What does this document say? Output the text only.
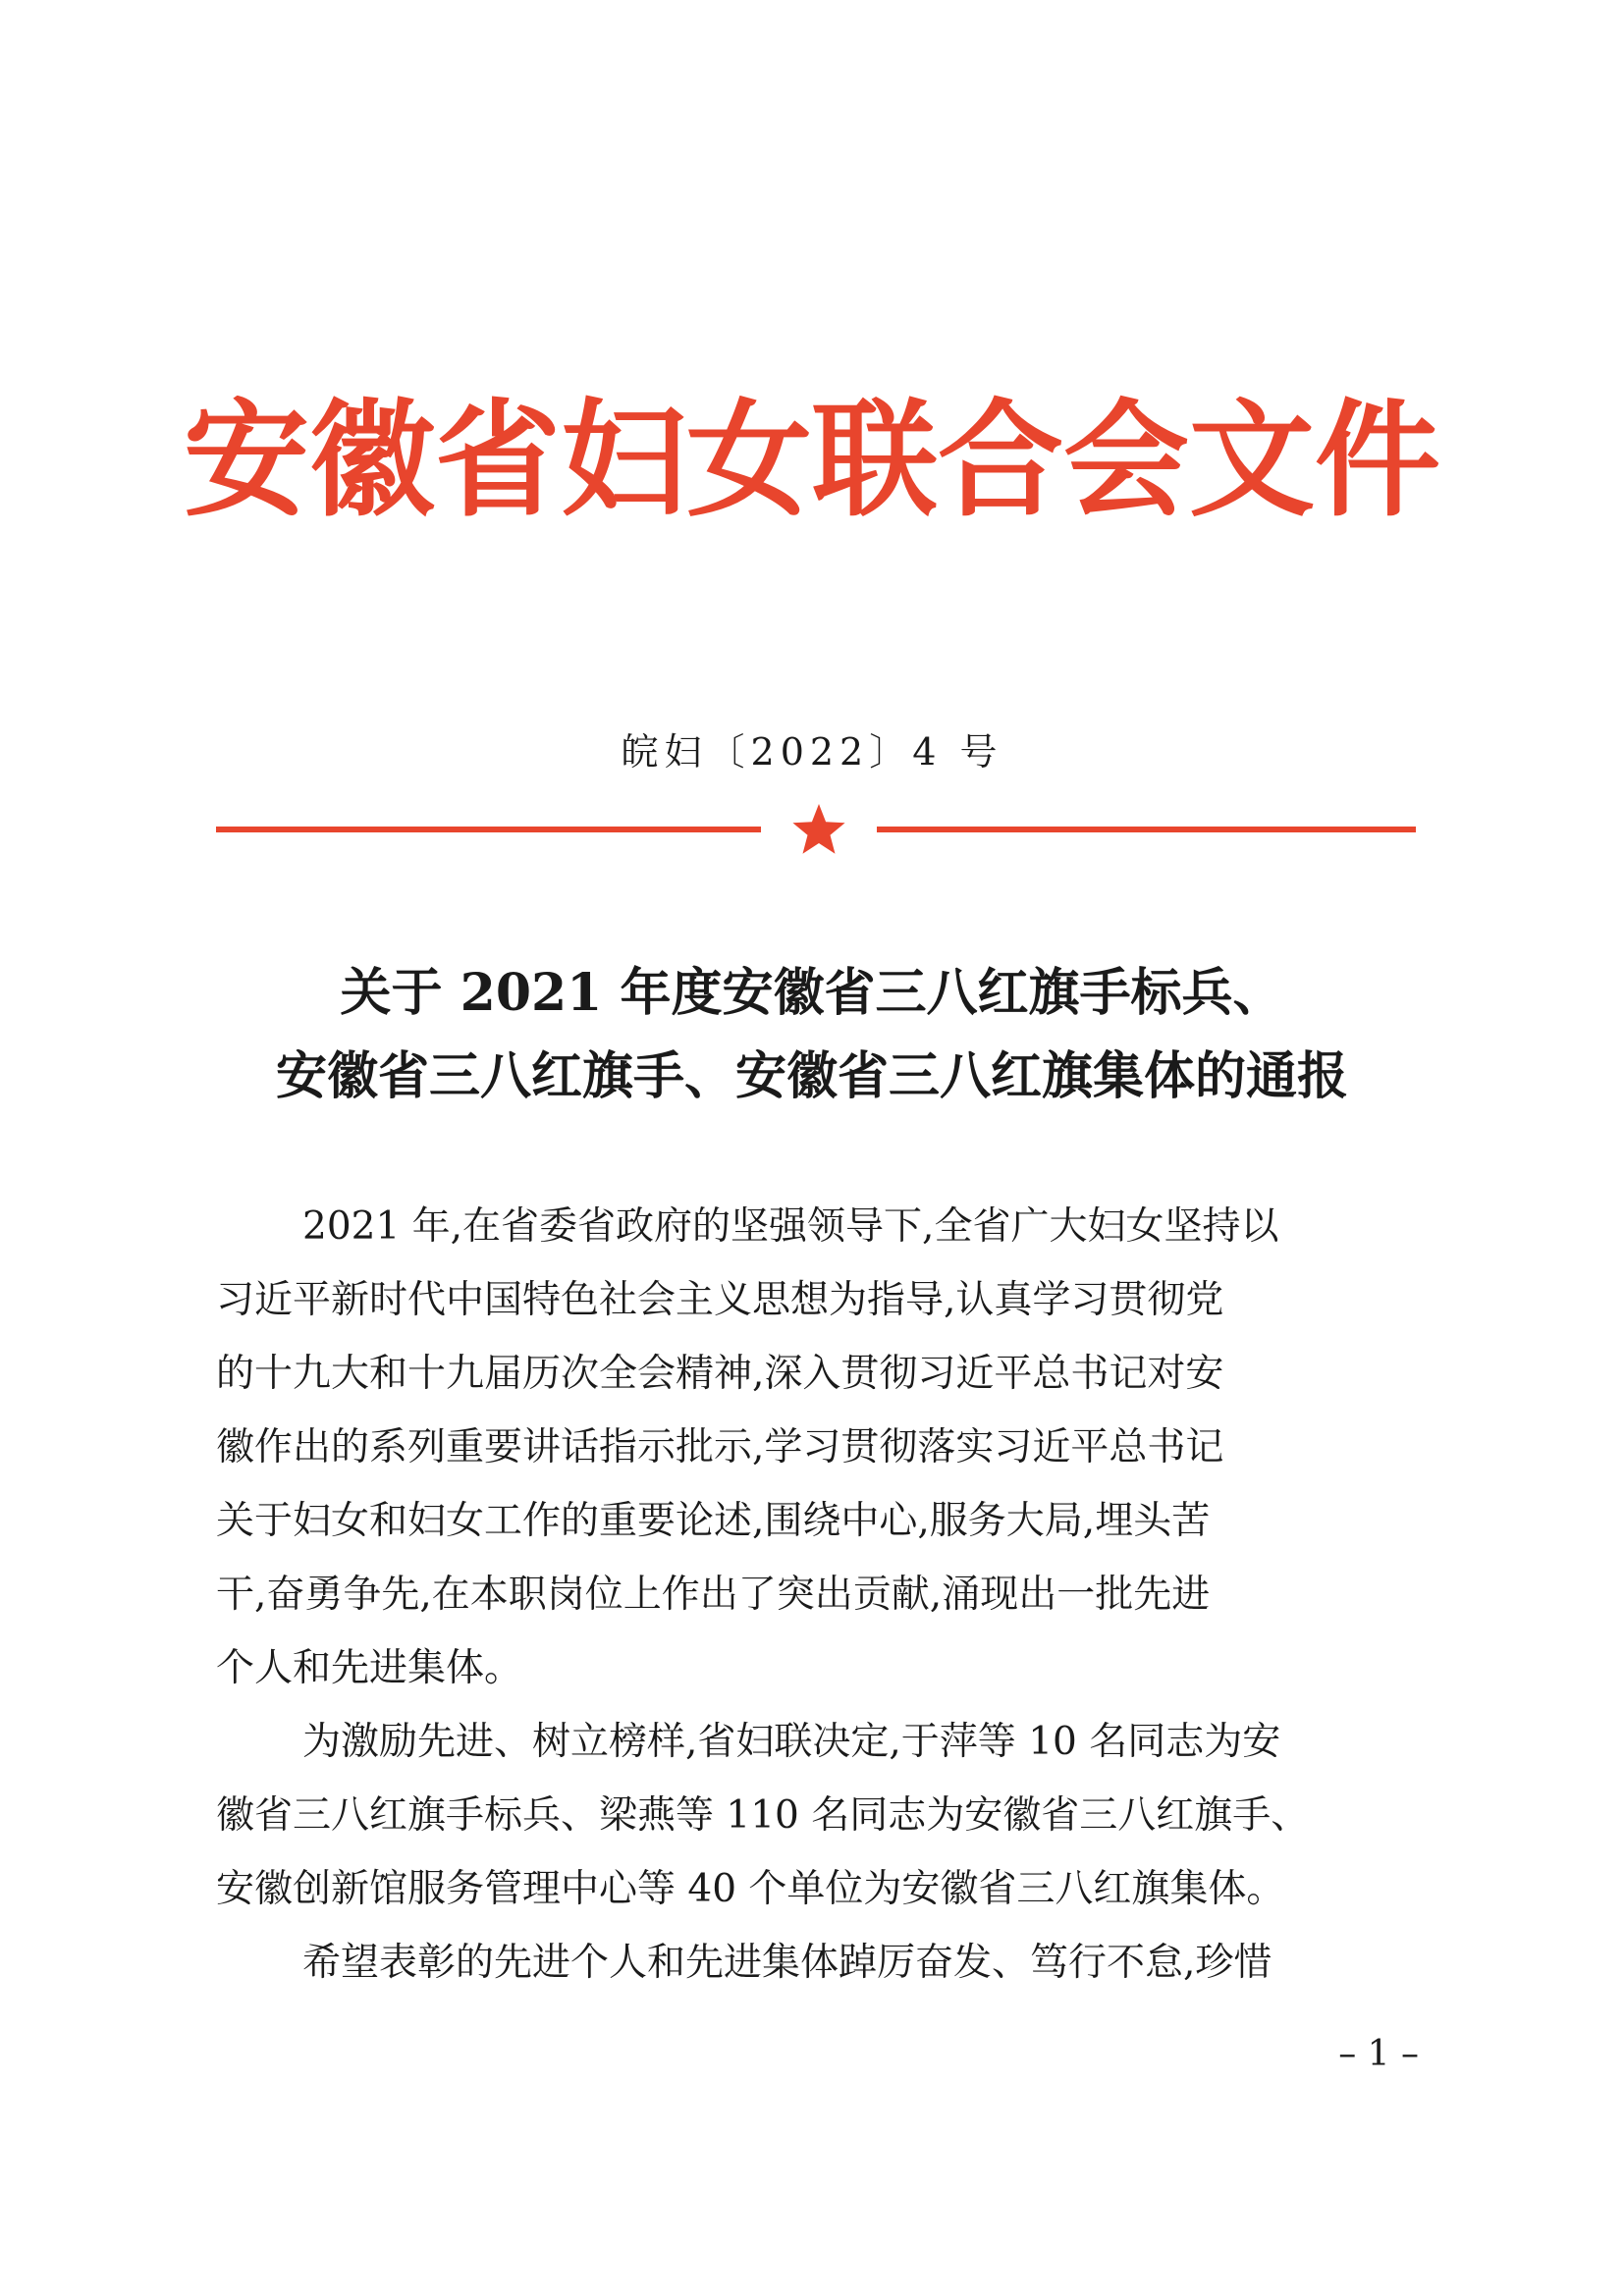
安徽省妇女联合会文件
皖妇〔2022〕4 号
关于 2021 年度安徽省三八红旗手标兵、
安徽省三八红旗手、安徽省三八红旗集体的通报
2021 年,在省委省政府的坚强领导下,全省广大妇女坚持以
习近平新时代中国特色社会主义思想为指导,认真学习贯彻党
的十九大和十九届历次全会精神,深入贯彻习近平总书记对安
徽作出的系列重要讲话指示批示,学习贯彻落实习近平总书记
关于妇女和妇女工作的重要论述,围绕中心,服务大局,埋头苦
干,奋勇争先,在本职岗位上作出了突出贡献,涌现出一批先进
个人和先进集体。
为激励先进、树立榜样,省妇联决定,于萍等 10 名同志为安
徽省三八红旗手标兵、梁燕等 110 名同志为安徽省三八红旗手、
安徽创新馆服务管理中心等 40 个单位为安徽省三八红旗集体。
希望表彰的先进个人和先进集体踔厉奋发、笃行不怠,珍惜
– 1 –
